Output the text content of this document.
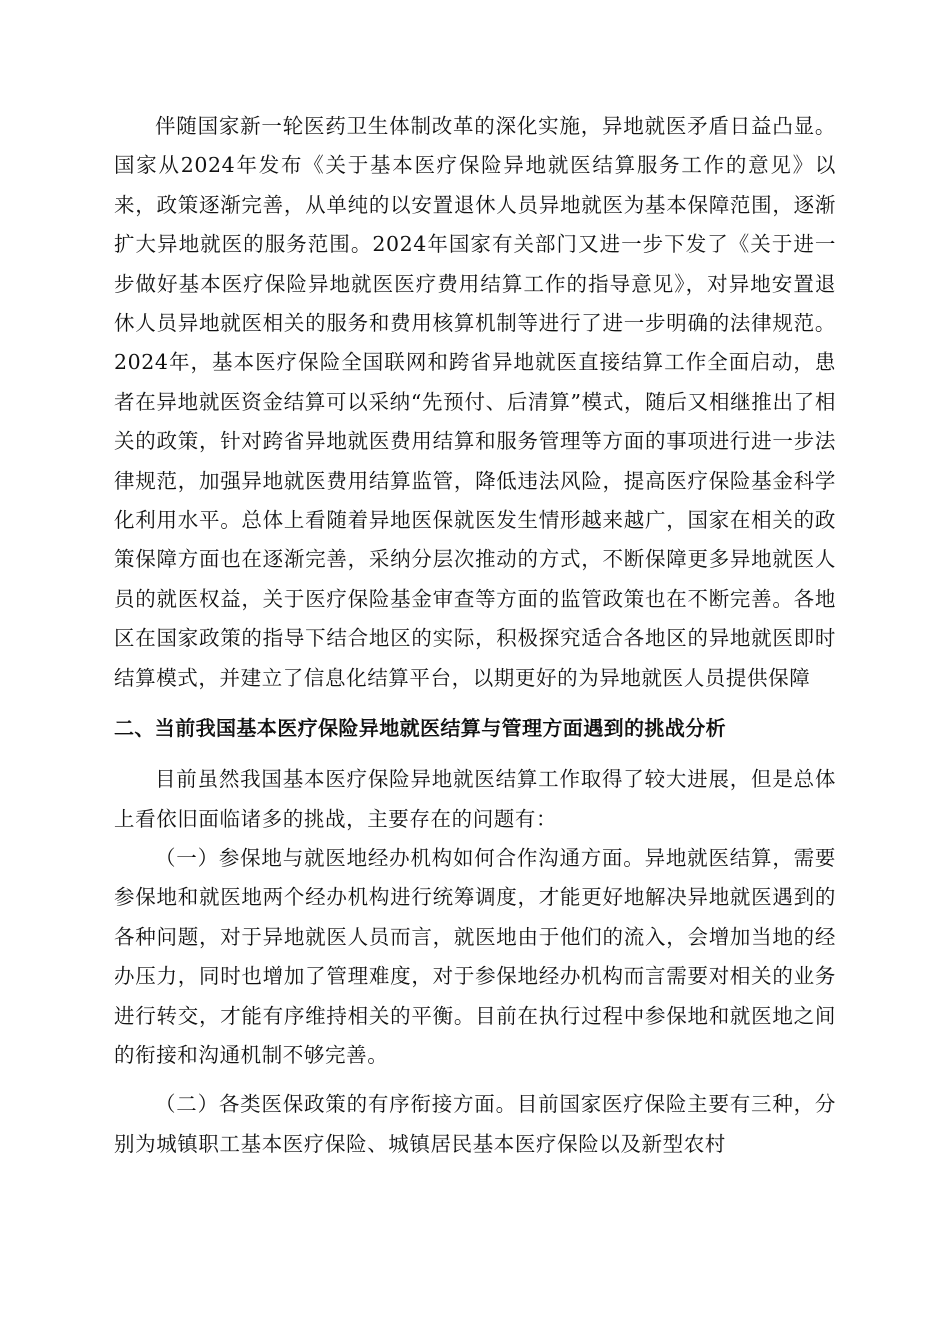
伴随国家新一轮医药卫生体制改革的深化实施，异地就医矛盾日益凸显。国家从2024年发布《关于基本医疗保险异地就医结算服务工作的意见》以来，政策逐渐完善，从单纯的以安置退休人员异地就医为基本保障范围，逐渐扩大异地就医的服务范围。2024年国家有关部门又进一步下发了《关于进一步做好基本医疗保险异地就医医疗费用结算工作的指导意见》，对异地安置退休人员异地就医相关的服务和费用核算机制等进行了进一步明确的法律规范。2024年，基本医疗保险全国联网和跨省异地就医直接结算工作全面启动，患者在异地就医资金结算可以采纳“先预付、后清算”模式，随后又相继推出了相关的政策，针对跨省异地就医费用结算和服务管理等方面的事项进行进一步法律规范，加强异地就医费用结算监管，降低违法风险，提高医疗保险基金科学化利用水平。总体上看随着异地医保就医发生情形越来越广，国家在相关的政策保障方面也在逐渐完善，采纳分层次推动的方式，不断保障更多异地就医人员的就医权益，关于医疗保险基金审查等方面的监管政策也在不断完善。各地区在国家政策的指导下结合地区的实际，积极探究适合各地区的异地就医即时结算模式，并建立了信息化结算平台，以期更好的为异地就医人员提供保障

二、当前我国基本医疗保险异地就医结算与管理方面遇到的挑战分析

目前虽然我国基本医疗保险异地就医结算工作取得了较大进展，但是总体上看依旧面临诸多的挑战，主要存在的问题有：

（一）参保地与就医地经办机构如何合作沟通方面。异地就医结算，需要参保地和就医地两个经办机构进行统筹调度，才能更好地解决异地就医遇到的各种问题，对于异地就医人员而言，就医地由于他们的流入，会增加当地的经办压力，同时也增加了管理难度，对于参保地经办机构而言需要对相关的业务进行转交，才能有序维持相关的平衡。目前在执行过程中参保地和就医地之间的衔接和沟通机制不够完善。

（二）各类医保政策的有序衔接方面。目前国家医疗保险主要有三种，分别为城镇职工基本医疗保险、城镇居民基本医疗保险以及新型农村
